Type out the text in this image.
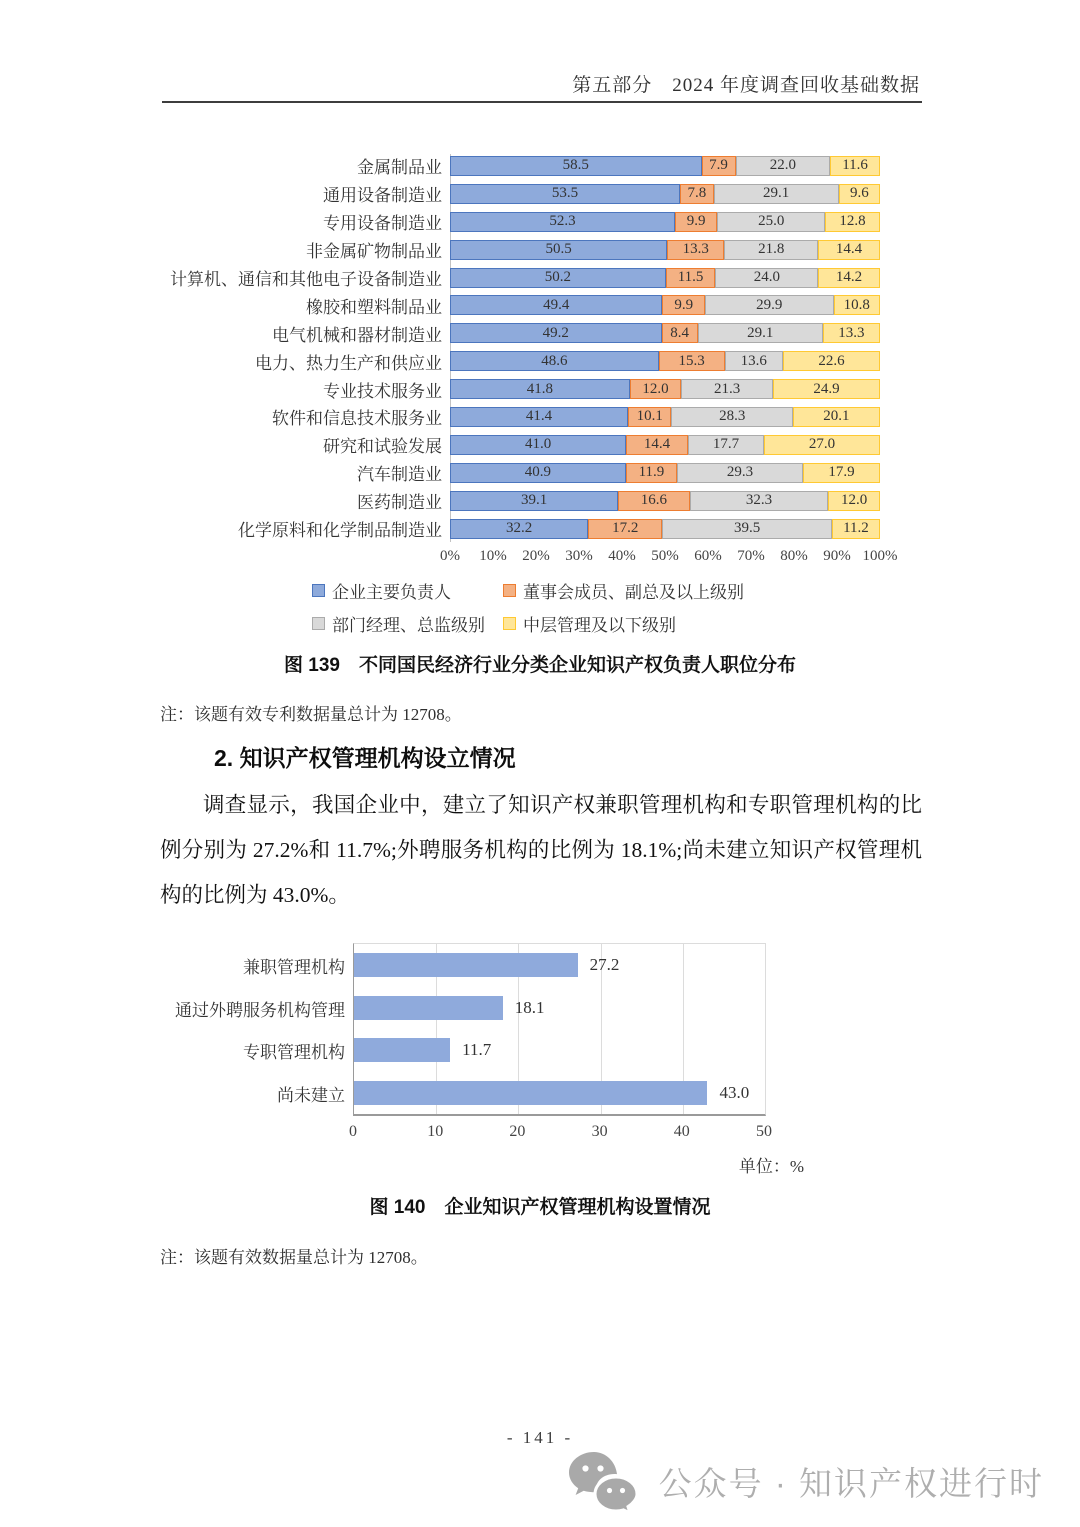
第五部分　2024 年度调查回收基础数据
金属制品业	58.5	7.9	22.0	11.6
通用设备制造业	53.5	7.8	29.1	9.6
专用设备制造业	52.3	9.9	25.0	12.8
非金属矿物制品业	50.5	13.3	21.8	14.4
计算机、通信和其他电子设备制造业	50.2	11.5	24.0	14.2
橡胶和塑料制品业	49.4	9.9	29.9	10.8
电气机械和器材制造业	49.2	8.4	29.1	13.3
电力、热力生产和供应业	48.6	15.3	13.6	22.6
专业技术服务业	41.8	12.0	21.3	24.9
软件和信息技术服务业	41.4	10.1	28.3	20.1
研究和试验发展	41.0	14.4	17.7	27.0
汽车制造业	40.9	11.9	29.3	17.9
医药制造业	39.1	16.6	32.3	12.0
化学原料和化学制品制造业	32.2	17.2	39.5	11.2
0% 10% 20% 30% 40% 50% 60% 70% 80% 90% 100%
企业主要负责人	董事会成员、副总及以上级别
部门经理、总监级别 中层管理及以下级别
图 139　不同国民经济行业分类企业知识产权负责人职位分布
注：该题有效专利数据量总计为 12708。
2. 知识产权管理机构设立情况
调查显示，我国企业中，建立了知识产权兼职管理机构和专职管理机构的比例分别为 27.2%和 11.7%;外聘服务机构的比例为 18.1%;尚未建立知识产权管理机构的比例为 43.0%。
兼职管理机构
通过外聘服务机构管理
专职管理机构
尚未建立
27.2
18.1
11.7
43.0
0	10	20	30	40	50
单位：%
图 140　企业知识产权管理机构设置情况
注：该题有效数据量总计为 12708。
- 141 -
公众号 · 知识产权进行时
